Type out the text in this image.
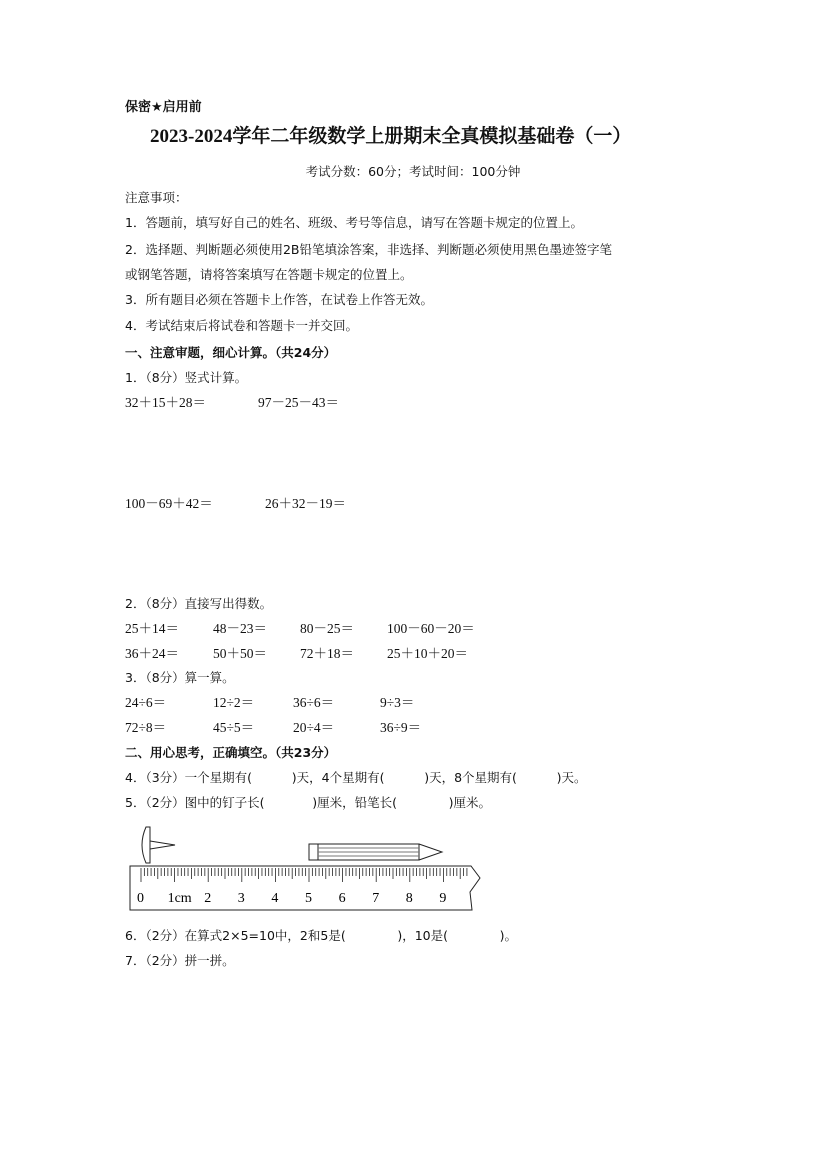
保密★启用前
2023-2024学年二年级数学上册期末全真模拟基础卷（一）
考试分数：60分；考试时间：100分钟
注意事项：
1．答题前，填写好自己的姓名、班级、考号等信息，请写在答题卡规定的位置上。
2．选择题、判断题必须使用2B铅笔填涂答案，非选择、判断题必须使用黑色墨迹签字笔
或钢笔答题，请将答案填写在答题卡规定的位置上。
3．所有题目必须在答题卡上作答，在试卷上作答无效。
4．考试结束后将试卷和答题卡一并交回。
一、注意审题，细心计算。（共24分）
1．（8分）竖式计算。
32＋15＋28＝	97－25－43＝
100－69＋42＝	26＋32－19＝
2．（8分）直接写出得数。
25＋14＝	48－23＝ 80－25＝ 100－60－20＝
36＋24＝	50＋50＝ 72＋18＝ 25＋10＋20＝
3．（8分）算一算。
24÷6＝	12÷2＝	36÷6＝	9÷3＝
72÷8＝	45÷5＝	20÷4＝	36÷9＝
二、用心思考，正确填空。（共23分）
4．（3分）一个星期有(          )天，4个星期有(          )天，8个星期有(          )天。
5．（2分）图中的钉子长(            )厘米，铅笔长(             )厘米。
0 1cm 2 3 4 5 6 7 8 9
6．（2分）在算式2×5=10中，2和5是(             )，10是(             )。
7．（2分）拼一拼。
